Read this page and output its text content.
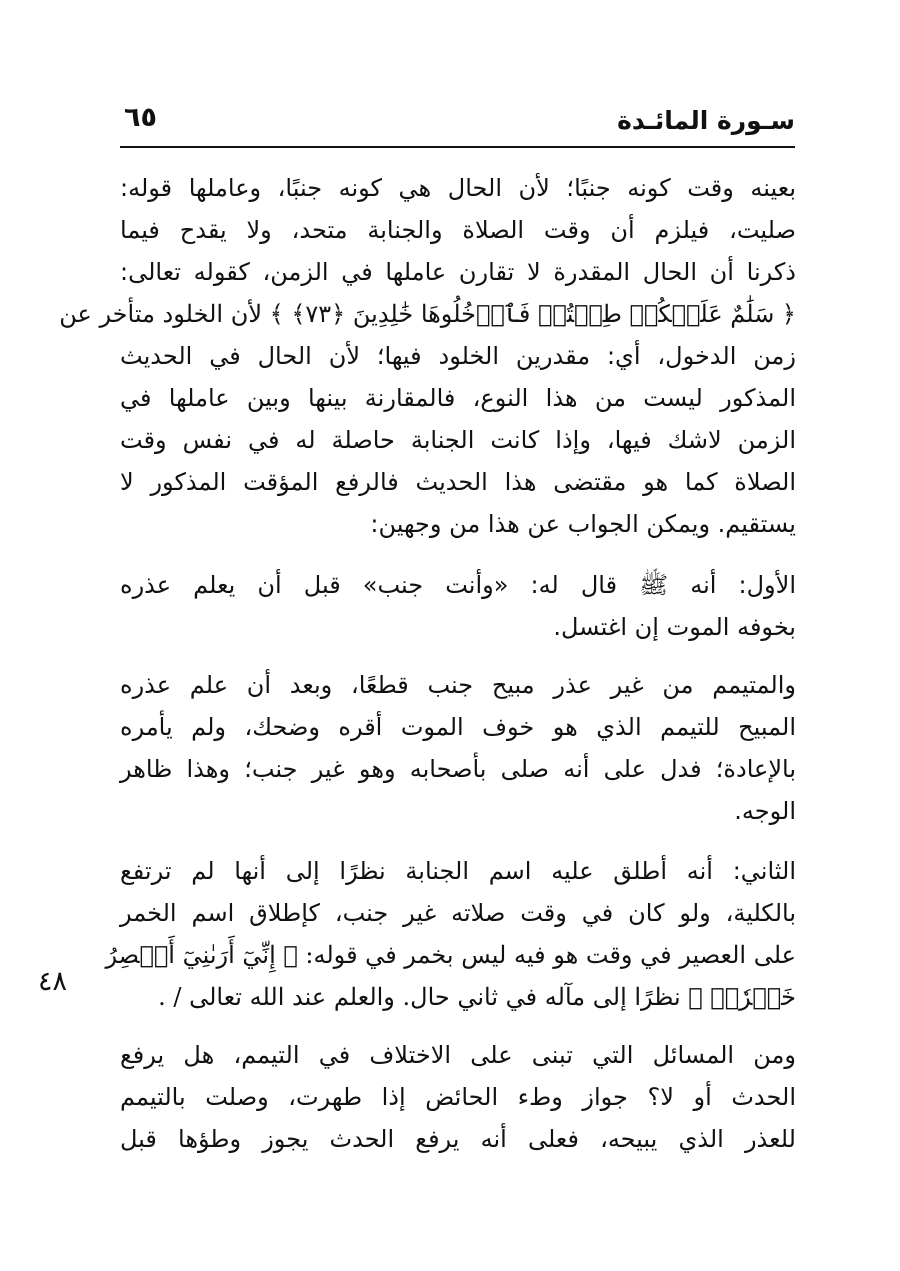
سـورة المائـدة
٦٥
٤٨
بعينه وقت كونه جنبًا؛ لأن الحال هي كونه جنبًا، وعاملها قوله:
صليت، فيلزم أن وقت الصلاة والجنابة متحد، ولا يقدح فيما
ذكرنا أن الحال المقدرة لا تقارن عاملها في الزمن، كقوله تعالى:
﴿ سَلَٰمٌ عَلَيۡكُمۡ طِبۡتُمۡ فَٱدۡخُلُوهَا خَٰلِدِينَ ﴿٧٣﴾ ﴾ لأن الخلود متأخر عن
زمن الدخول، أي: مقدرين الخلود فيها؛ لأن الحال في الحديث
المذكور ليست من هذا النوع، فالمقارنة بينها وبين عاملها في
الزمن لاشك فيها، وإذا كانت الجنابة حاصلة له في نفس وقت
الصلاة كما هو مقتضى هذا الحديث فالرفع المؤقت المذكور لا
يستقيم. ويمكن الجواب عن هذا من وجهين:
الأول: أنه ﷺ قال له: «وأنت جنب» قبل أن يعلم عذره
بخوفه الموت إن اغتسل.
والمتيمم من غير عذر مبيح جنب قطعًا، وبعد أن علم عذره
المبيح للتيمم الذي هو خوف الموت أقره وضحك، ولم يأمره
بالإعادة؛ فدل على أنه صلى بأصحابه وهو غير جنب؛ وهذا ظاهر
الوجه.
الثاني: أنه أطلق عليه اسم الجنابة نظرًا إلى أنها لم ترتفع
بالكلية، ولو كان في وقت صلاته غير جنب، كإطلاق اسم الخمر
على العصير في وقت هو فيه ليس بخمر في قوله: ﴿ إِنِّيٓ أَرَىٰنِيٓ أَعۡصِرُ
خَمۡرٗاۖ ﴾ نظرًا إلى مآله في ثاني حال. والعلم عند الله تعالى / .
ومن المسائل التي تبنى على الاختلاف في التيمم، هل يرفع
الحدث أو لا؟ جواز وطء الحائض إذا طهرت، وصلت بالتيمم
للعذر الذي يبيحه، فعلى أنه يرفع الحدث يجوز وطؤها قبل
